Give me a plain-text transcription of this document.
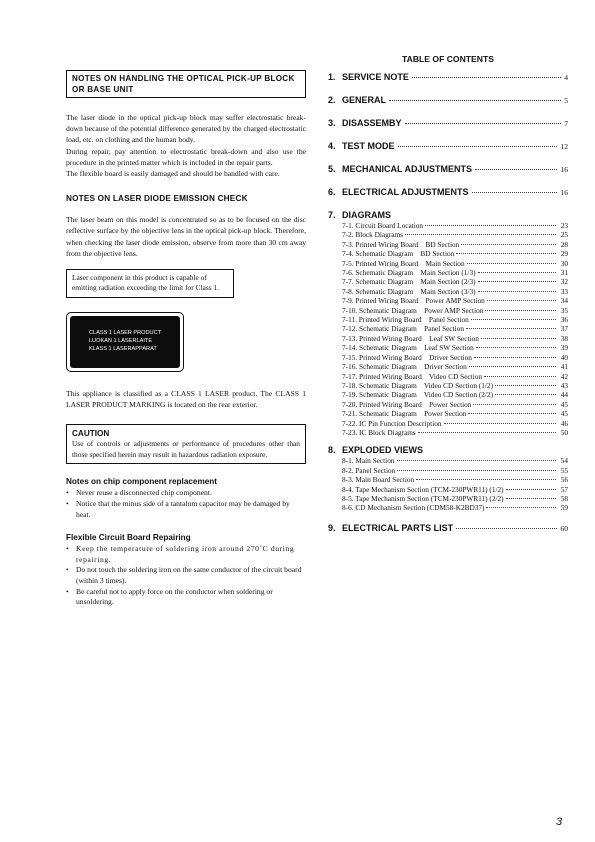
NOTES ON HANDLING THE OPTICAL PICK-UP BLOCK OR BASE UNIT
The laser diode in the optical pick-up block may suffer electrostatic break-down because of the potential difference generated by the charged electrostatic load, etc. on clothing and the human body.
During repair, pay attention to electrostatic break-down and also use the procedure in the printed matter which is included in the repair parts.
The flexible board is easily damaged and should be handled with care.
NOTES ON LASER DIODE EMISSION CHECK
The laser beam on this model is concentrated so as to be focused on the disc reflective surface by the objective lens in the optical pick-up block. Therefore, when checking the laser diode emission, observe from more than 30 cm away from the objective lens.
Laser component in this product is capable of emitting radiation exceeding the limit for Class 1.
CLASS 1 LASER PRODUCT
LUOKAN 1 LASERLAITE
KLASS 1 LASERAPPARAT
This appliance is classified as a CLASS 1 LASER product. The CLASS 1 LASER PRODUCT MARKING is located on the rear exterior.
CAUTION
Use of controls or adjustments or performance of procedures other than those specified herein may result in hazardous radiation exposure.
Notes on chip component replacement
• Never reuse a disconnected chip component.
• Notice that the minus side of a tantalum capacitor may be damaged by heat.
Flexible Circuit Board Repairing
• Keep the temperature of soldering iron around 270˚C during repairing.
• Do not touch the soldering iron on the same conductor of the circuit board (within 3 times).
• Be careful not to apply force on the conductor when soldering or unsoldering.
TABLE OF CONTENTS
1. SERVICE NOTE	4
2. GENERAL	5
3. DISASSEMBY	7
4. TEST MODE	12
5. MECHANICAL ADJUSTMENTS	16
6. ELECTRICAL ADJUSTMENTS	16
7. DIAGRAMS
7-1. Circuit Board Location	23
7-2. Block Diagrams	25
7-3. Printed Wiring Board    BD Section	28
7-4. Schematic Diagram    BD Section	29
7-5. Printed Wiring Board    Main Section	30
7-6. Schematic Diagram    Main Section (1/3)	31
7-7. Schematic Diagram    Main Section (2/3)	32
7-8. Schematic Diagram    Main Section (3/3)	33
7-9. Printed Wiring Board    Power AMP Section	34
7-10. Schematic Diagram    Power AMP Section	35
7-11. Printed Wiring Board    Panel Section	36
7-12. Schematic Diagram    Panel Section	37
7-13. Printed Wiring Board    Leaf SW Section	38
7-14. Schematic Diagram    Leaf SW Section	39
7-15. Printed Wiring Board    Driver Section	40
7-16. Schematic Diagram    Driver Section	41
7-17. Printed Wiring Board    Video CD Section	42
7-18. Schematic Diagram    Video CD Section (1/2)	43
7-19. Schematic Diagram    Video CD Section (2/2)	44
7-20. Printed Wiring Board    Power Section	45
7-21. Schematic Diagram    Power Section	45
7-22. IC Pin Function Description	46
7-23. IC Block Diagrams	50
8. EXPLODED VIEWS
8-1. Main Section	54
8-2. Panel Section	55
8-3. Main Board Section	56
8-4. Tape Mechanism Section (TCM-230PWR11) (1/2)	57
8-5. Tape Mechanism Section (TCM-230PWR11) (2/2)	58
8-6. CD Mechanism Section (CDM58-K2BD37)	59
9. ELECTRICAL PARTS LIST	60
3
